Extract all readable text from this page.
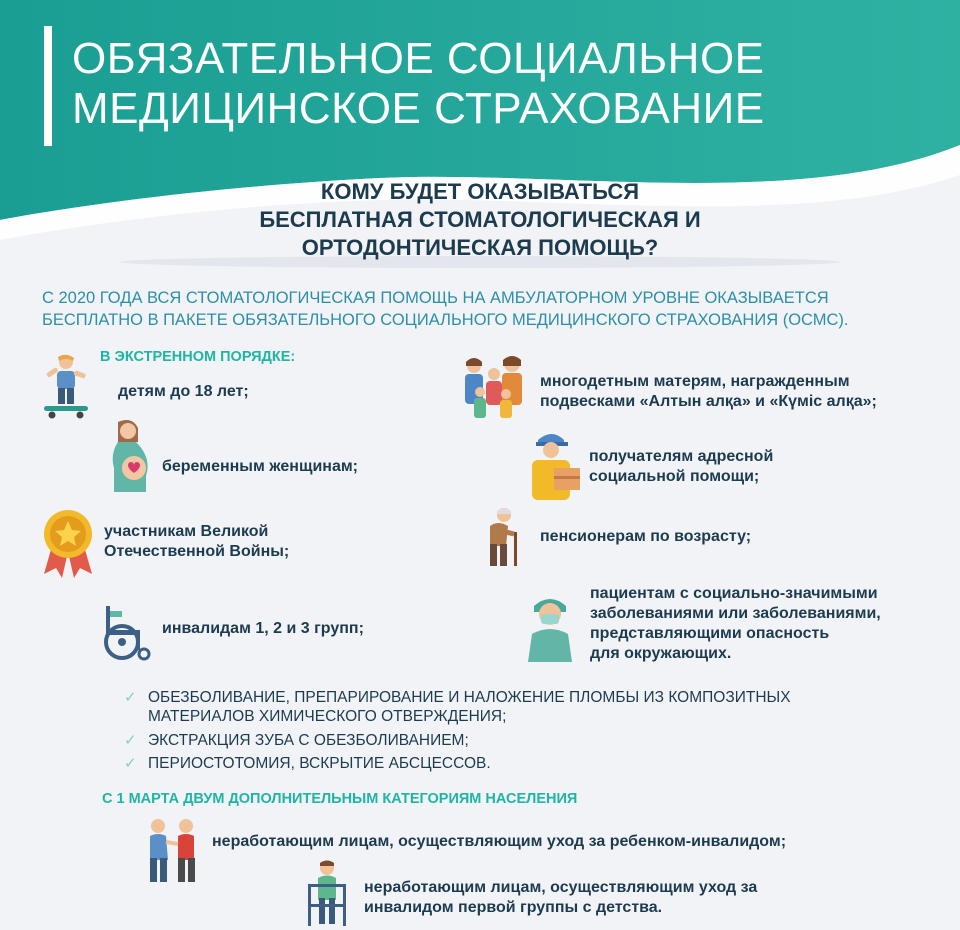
ОБЯЗАТЕЛЬНОЕ СОЦИАЛЬНОЕ
МЕДИЦИНСКОЕ СТРАХОВАНИЕ
КОМУ БУДЕТ ОКАЗЫВАТЬСЯ
БЕСПЛАТНАЯ СТОМАТОЛОГИЧЕСКАЯ И
ОРТОДОНТИЧЕСКАЯ ПОМОЩЬ?
С 2020 ГОДА ВСЯ СТОМАТОЛОГИЧЕСКАЯ ПОМОЩЬ НА АМБУЛАТОРНОМ УРОВНЕ ОКАЗЫВАЕТСЯ
БЕСПЛАТНО В ПАКЕТЕ ОБЯЗАТЕЛЬНОГО СОЦИАЛЬНОГО МЕДИЦИНСКОГО СТРАХОВАНИЯ (ОСМС).
В ЭКСТРЕННОМ ПОРЯДКЕ:
детям до 18 лет;
беременным женщинам;
участникам Великой
Отечественной Войны;
инвалидам 1, 2 и 3 групп;
многодетным матерям, награжденным
подвесками «Алтын алқа» и «Күміс алқа»;
получателям адресной
социальной помощи;
пенсионерам по возрасту;
пациентам с социально-значимыми
заболеваниями или заболеваниями,
представляющими опасность
для окружающих.
✓ ОБЕЗБОЛИВАНИЕ, ПРЕПАРИРОВАНИЕ И НАЛОЖЕНИЕ ПЛОМБЫ ИЗ КОМПОЗИТНЫХ
МАТЕРИАЛОВ ХИМИЧЕСКОГО ОТВЕРЖДЕНИЯ;
✓ ЭКСТРАКЦИЯ ЗУБА С ОБЕЗБОЛИВАНИЕМ;
✓ ПЕРИОСТОТОМИЯ, ВСКРЫТИЕ АБСЦЕССОВ.
С 1 МАРТА ДВУМ ДОПОЛНИТЕЛЬНЫМ КАТЕГОРИЯМ НАСЕЛЕНИЯ
неработающим лицам, осуществляющим уход за ребенком-инвалидом;
неработающим лицам, осуществляющим уход за
инвалидом первой группы с детства.
